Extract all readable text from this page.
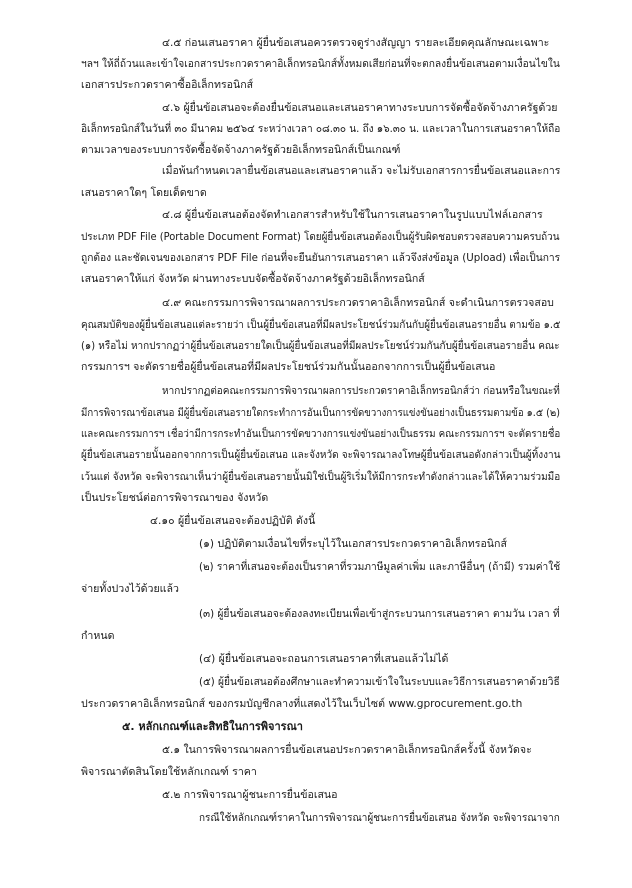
๔.๕ ก่อนเสนอราคา ผู้ยื่นข้อเสนอควรตรวจดูร่างสัญญา รายละเอียดคุณลักษณะเฉพาะ
ฯลฯ ให้ถี่ถ้วนและเข้าใจเอกสารประกวดราคาอิเล็กทรอนิกส์ทั้งหมดเสียก่อนที่จะตกลงยื่นข้อเสนอตามเงื่อนไขใน
เอกสารประกวดราคาซื้ออิเล็กทรอนิกส์
๔.๖ ผู้ยื่นข้อเสนอจะต้องยื่นข้อเสนอและเสนอราคาทางระบบการจัดซื้อจัดจ้างภาครัฐด้วย
อิเล็กทรอนิกส์ในวันที่ ๓๐ มีนาคม ๒๕๖๔ ระหว่างเวลา ๐๘.๓๐ น. ถึง ๑๖.๓๐ น. และเวลาในการเสนอราคาให้ถือ
ตามเวลาของระบบการจัดซื้อจัดจ้างภาครัฐด้วยอิเล็กทรอนิกส์เป็นเกณฑ์
เมื่อพ้นกำหนดเวลายื่นข้อเสนอและเสนอราคาแล้ว จะไม่รับเอกสารการยื่นข้อเสนอและการ
เสนอราคาใดๆ โดยเด็ดขาด
๔.๘ ผู้ยื่นข้อเสนอต้องจัดทำเอกสารสำหรับใช้ในการเสนอราคาในรูปแบบไฟล์เอกสาร
ประเภท PDF File (Portable Document Format) โดยผู้ยื่นข้อเสนอต้องเป็นผู้รับผิดชอบตรวจสอบความครบถ้วน
ถูกต้อง และชัดเจนของเอกสาร PDF File ก่อนที่จะยืนยันการเสนอราคา แล้วจึงส่งข้อมูล (Upload) เพื่อเป็นการ
เสนอราคาให้แก่ จังหวัด ผ่านทางระบบจัดซื้อจัดจ้างภาครัฐด้วยอิเล็กทรอนิกส์
๔.๙ คณะกรรมการพิจารณาผลการประกวดราคาอิเล็กทรอนิกส์ จะดำเนินการตรวจสอบ
คุณสมบัติของผู้ยื่นข้อเสนอแต่ละรายว่า เป็นผู้ยื่นข้อเสนอที่มีผลประโยชน์ร่วมกันกับผู้ยื่นข้อเสนอรายอื่น ตามข้อ ๑.๕
(๑) หรือไม่ หากปรากฏว่าผู้ยื่นข้อเสนอรายใดเป็นผู้ยื่นข้อเสนอที่มีผลประโยชน์ร่วมกันกับผู้ยื่นข้อเสนอรายอื่น คณะ
กรรมการฯ จะตัดรายชื่อผู้ยื่นข้อเสนอที่มีผลประโยชน์ร่วมกันนั้นออกจากการเป็นผู้ยื่นข้อเสนอ
หากปรากฏต่อคณะกรรมการพิจารณาผลการประกวดราคาอิเล็กทรอนิกส์ว่า ก่อนหรือในขณะที่
มีการพิจารณาข้อเสนอ มีผู้ยื่นข้อเสนอรายใดกระทำการอันเป็นการขัดขวางการแข่งขันอย่างเป็นธรรมตามข้อ ๑.๕ (๒)
และคณะกรรมการฯ เชื่อว่ามีการกระทำอันเป็นการขัดขวางการแข่งขันอย่างเป็นธรรม คณะกรรมการฯ จะตัดรายชื่อ
ผู้ยื่นข้อเสนอรายนั้นออกจากการเป็นผู้ยื่นข้อเสนอ และจังหวัด จะพิจารณาลงโทษผู้ยื่นข้อเสนอดังกล่าวเป็นผู้ทิ้งงาน
เว้นแต่ จังหวัด จะพิจารณาเห็นว่าผู้ยื่นข้อเสนอรายนั้นมิใช่เป็นผู้ริเริ่มให้มีการกระทำดังกล่าวและได้ให้ความร่วมมือ
เป็นประโยชน์ต่อการพิจารณาของ จังหวัด
๔.๑๐ ผู้ยื่นข้อเสนอจะต้องปฏิบัติ ดังนี้
(๑) ปฏิบัติตามเงื่อนไขที่ระบุไว้ในเอกสารประกวดราคาอิเล็กทรอนิกส์
(๒) ราคาที่เสนอจะต้องเป็นราคาที่รวมภาษีมูลค่าเพิ่ม และภาษีอื่นๆ (ถ้ามี) รวมค่าใช้
จ่ายทั้งปวงไว้ด้วยแล้ว
(๓) ผู้ยื่นข้อเสนอจะต้องลงทะเบียนเพื่อเข้าสู่กระบวนการเสนอราคา ตามวัน เวลา ที่
กำหนด
(๔) ผู้ยื่นข้อเสนอจะถอนการเสนอราคาที่เสนอแล้วไม่ได้
(๕) ผู้ยื่นข้อเสนอต้องศึกษาและทำความเข้าใจในระบบและวิธีการเสนอราคาด้วยวิธี
ประกวดราคาอิเล็กทรอนิกส์ ของกรมบัญชีกลางที่แสดงไว้ในเว็บไซต์ www.gprocurement.go.th
๕. หลักเกณฑ์และสิทธิในการพิจารณา
๕.๑ ในการพิจารณาผลการยื่นข้อเสนอประกวดราคาอิเล็กทรอนิกส์ครั้งนี้ จังหวัดจะ
พิจารณาตัดสินโดยใช้หลักเกณฑ์ ราคา
๕.๒ การพิจารณาผู้ชนะการยื่นข้อเสนอ
กรณีใช้หลักเกณฑ์ราคาในการพิจารณาผู้ชนะการยื่นข้อเสนอ จังหวัด จะพิจารณาจาก
